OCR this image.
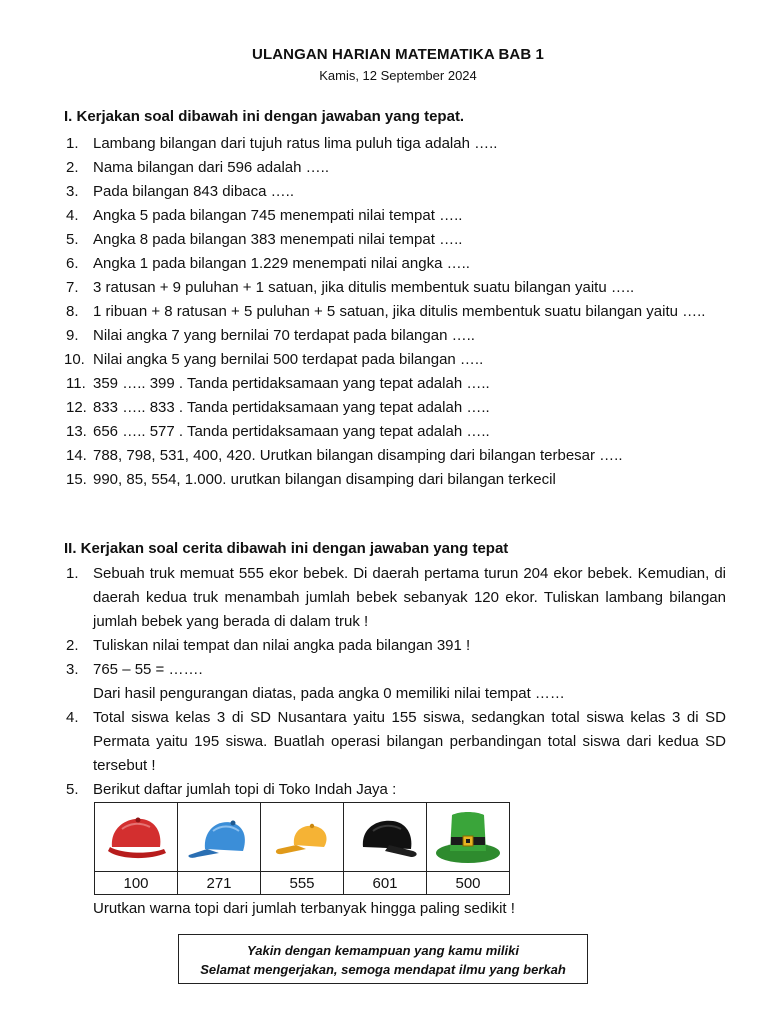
ULANGAN HARIAN MATEMATIKA BAB 1
Kamis, 12 September 2024
I. Kerjakan soal dibawah ini dengan jawaban yang tepat.
1. Lambang bilangan dari tujuh ratus lima puluh tiga adalah …..
2. Nama bilangan dari 596 adalah …..
3. Pada bilangan 843 dibaca …..
4. Angka 5 pada bilangan 745 menempati nilai tempat …..
5. Angka 8 pada bilangan 383 menempati nilai tempat …..
6. Angka 1 pada bilangan 1.229 menempati nilai angka …..
7. 3 ratusan + 9 puluhan + 1 satuan, jika ditulis membentuk suatu bilangan yaitu …..
8. 1 ribuan + 8 ratusan + 5 puluhan + 5 satuan, jika ditulis membentuk suatu bilangan yaitu …..
9. Nilai angka 7 yang bernilai 70 terdapat pada bilangan …..
10. Nilai angka 5 yang bernilai 500 terdapat pada bilangan …..
11. 359 ….. 399 . Tanda pertidaksamaan yang tepat adalah …..
12. 833 ….. 833 . Tanda pertidaksamaan yang tepat adalah …..
13. 656 ….. 577 . Tanda pertidaksamaan yang tepat adalah …..
14. 788, 798, 531, 400, 420. Urutkan bilangan disamping dari bilangan terbesar …..
15. 990, 85, 554, 1.000. urutkan bilangan disamping dari bilangan terkecil
II. Kerjakan soal cerita dibawah ini dengan jawaban yang tepat
1. Sebuah truk memuat 555 ekor bebek. Di daerah pertama turun 204 ekor bebek. Kemudian, di daerah kedua truk menambah jumlah bebek sebanyak 120 ekor. Tuliskan lambang bilangan jumlah bebek yang berada di dalam truk !
2. Tuliskan nilai tempat dan nilai angka pada bilangan 391 !
3. 765 – 55 = …….
Dari hasil pengurangan diatas, pada angka 0 memiliki nilai tempat ……
4. Total siswa kelas 3 di SD Nusantara yaitu 155 siswa, sedangkan total siswa kelas 3 di SD Permata yaitu 195 siswa. Buatlah operasi bilangan perbandingan total siswa dari kedua SD tersebut !
5. Berikut daftar jumlah topi di Toko Indah Jaya :

100	271	555	601	500
Urutkan warna topi dari jumlah terbanyak hingga paling sedikit !
Yakin dengan kemampuan yang kamu miliki
Selamat mengerjakan, semoga mendapat ilmu yang berkah
